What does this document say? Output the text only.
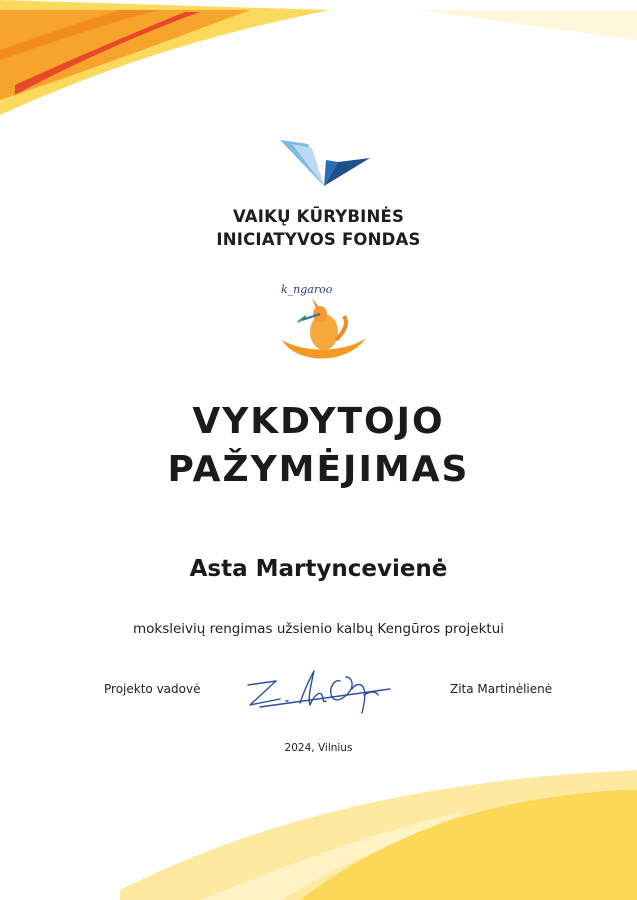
VAIKŲ KŪRYBINĖS
INICIATYVOS FONDAS
k_ngaroo
VYKDYTOJO
PAŽYMĖJIMAS
Asta Martyncevienė
moksleivių rengimas užsienio kalbų Kengūros projektui
Projekto vadovė	Zita Martinėlienė
2024, Vilnius
